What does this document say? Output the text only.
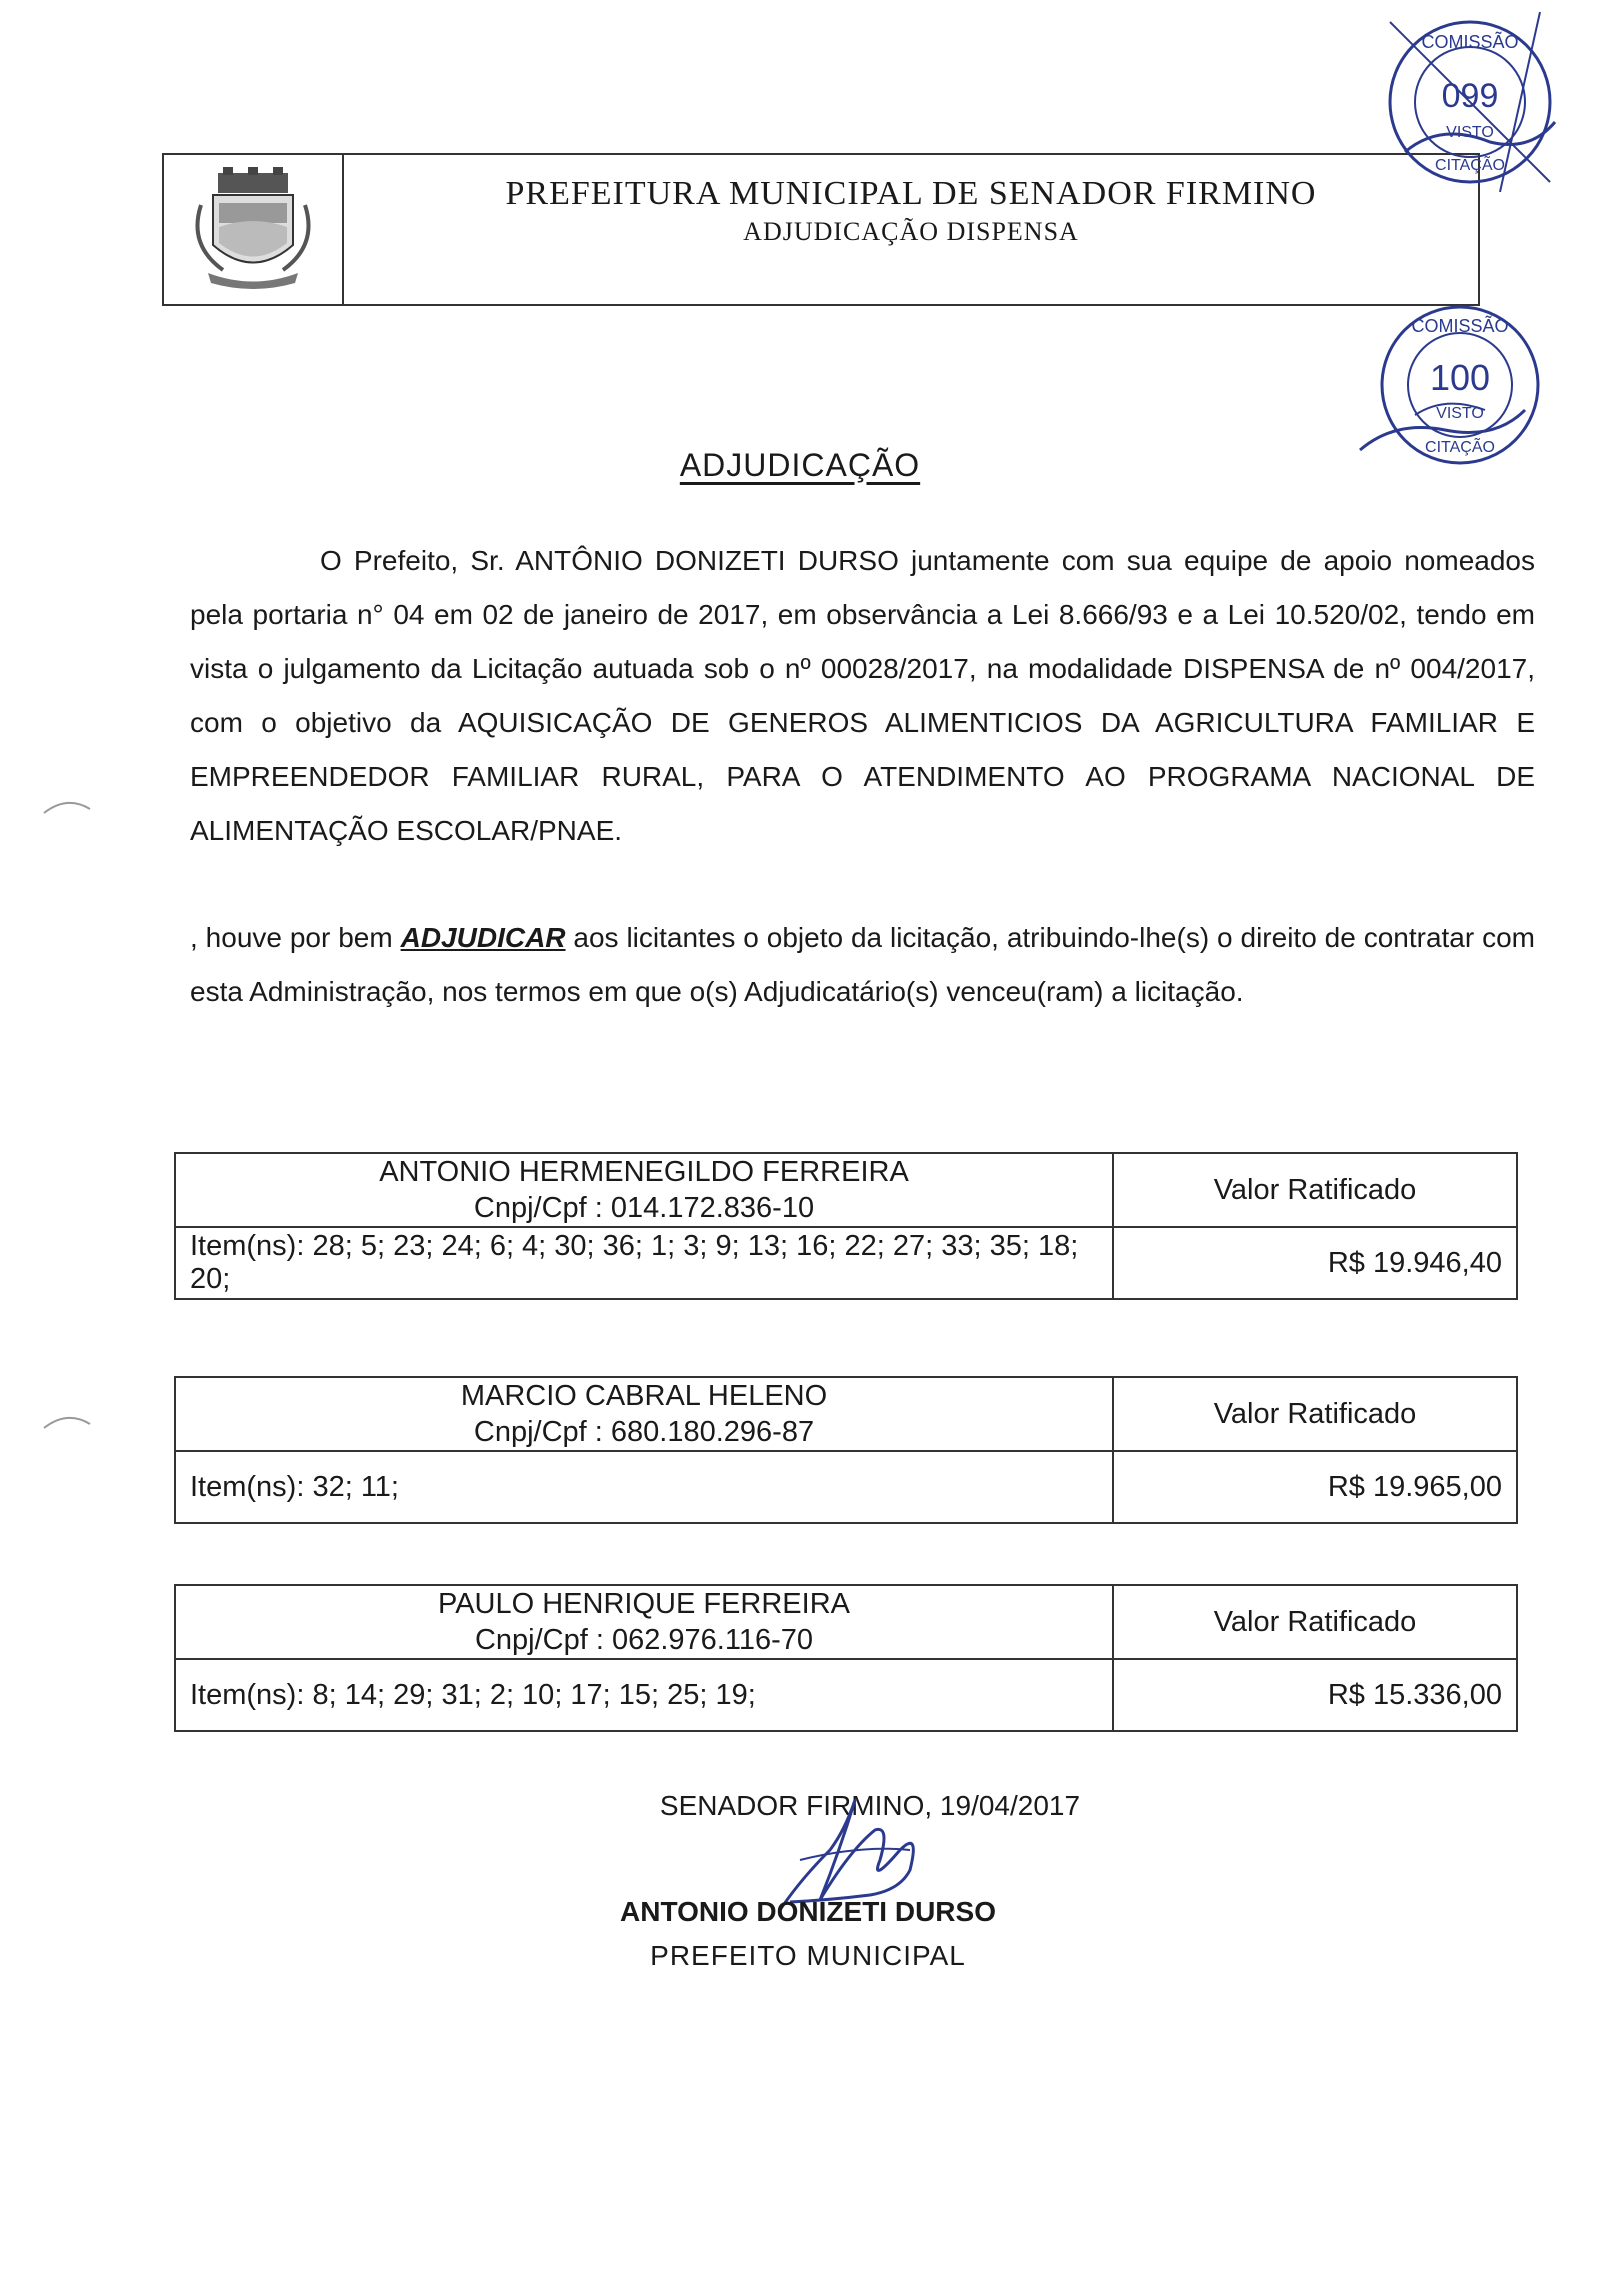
PREFEITURA MUNICIPAL DE SENADOR FIRMINO
ADJUDICAÇÃO DISPENSA
COMISSÃO
099
VISTO
CITAÇÃO
COMISSÃO
100
VISTO
CITAÇÃO
ADJUDICAÇÃO
O Prefeito, Sr. ANTÔNIO DONIZETI DURSO juntamente com sua equipe de apoio nomeados pela portaria n° 04 em 02 de janeiro de 2017, em observância a Lei 8.666/93 e a Lei 10.520/02, tendo em vista o julgamento da Licitação autuada sob o nº 00028/2017, na modalidade DISPENSA de nº 004/2017, com o objetivo da AQUISICAÇÃO DE GENEROS ALIMENTICIOS DA AGRICULTURA FAMILIAR E EMPREENDEDOR FAMILIAR RURAL, PARA O ATENDIMENTO AO PROGRAMA NACIONAL DE ALIMENTAÇÃO ESCOLAR/PNAE.
, houve por bem ADJUDICAR aos licitantes o objeto da licitação, atribuindo-lhe(s) o direito de contratar com esta Administração, nos termos em que o(s) Adjudicatário(s) venceu(ram) a licitação.
ANTONIO HERMENEGILDO FERREIRA
Cnpj/Cpf : 014.172.836-10	Valor Ratificado
Item(ns): 28; 5; 23; 24; 6; 4; 30; 36; 1; 3; 9; 13; 16; 22; 27; 33; 35; 18; 20;	R$ 19.946,40
MARCIO CABRAL HELENO
Cnpj/Cpf : 680.180.296-87	Valor Ratificado
Item(ns): 32; 11;	R$ 19.965,00
PAULO HENRIQUE FERREIRA
Cnpj/Cpf : 062.976.116-70	Valor Ratificado
Item(ns): 8; 14; 29; 31; 2; 10; 17; 15; 25; 19;	R$ 15.336,00
SENADOR FIRMINO, 19/04/2017
ANTONIO DONIZETI DURSO
PREFEITO MUNICIPAL
